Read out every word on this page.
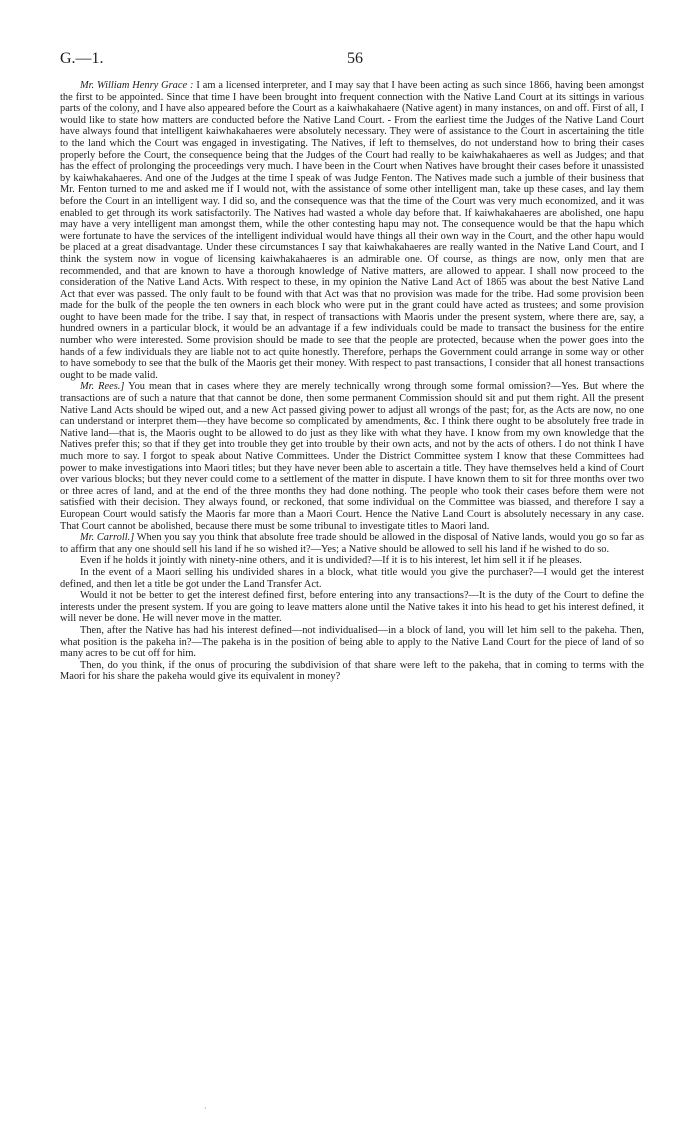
G.—1.	56

Mr. William Henry Grace : I am a licensed interpreter, and I may say that I have been acting as such since 1866, having been amongst the first to be appointed. Since that time I have been brought into frequent connection with the Native Land Court at its sittings in various parts of the colony, and I have also appeared before the Court as a kaiwhakahaere (Native agent) in many instances, on and off. First of all, I would like to state how matters are conducted before the Native Land Court. - From the earliest time the Judges of the Native Land Court have always found that intelligent kaiwhakahaeres were absolutely necessary. They were of assistance to the Court in ascertaining the title to the land which the Court was engaged in investigating. The Natives, if left to themselves, do not understand how to bring their cases properly before the Court, the consequence being that the Judges of the Court had really to be kaiwhakahaeres as well as Judges; and that has the effect of prolonging the proceedings very much. I have been in the Court when Natives have brought their cases before it unassisted by kaiwhakahaeres. And one of the Judges at the time I speak of was Judge Fenton. The Natives made such a jumble of their business that Mr. Fenton turned to me and asked me if I would not, with the assistance of some other intelligent man, take up these cases, and lay them before the Court in an intelligent way. I did so, and the consequence was that the time of the Court was very much economized, and it was enabled to get through its work satisfactorily. The Natives had wasted a whole day before that. If kaiwhakahaeres are abolished, one hapu may have a very intelligent man amongst them, while the other contesting hapu may not. The consequence would be that the hapu which were fortunate to have the services of the intelligent individual would have things all their own way in the Court, and the other hapu would be placed at a great disadvantage. Under these circumstances I say that kaiwhakahaeres are really wanted in the Native Land Court, and I think the system now in vogue of licensing kaiwhakahaeres is an admirable one. Of course, as things are now, only men that are recommended, and that are known to have a thorough knowledge of Native matters, are allowed to appear. I shall now proceed to the consideration of the Native Land Acts. With respect to these, in my opinion the Native Land Act of 1865 was about the best Native Land Act that ever was passed. The only fault to be found with that Act was that no provision was made for the tribe. Had some provision been made for the bulk of the people the ten owners in each block who were put in the grant could have acted as trustees; and some provision ought to have been made for the tribe. I say that, in respect of transactions with Maoris under the present system, where there are, say, a hundred owners in a particular block, it would be an advantage if a few individuals could be made to transact the business for the entire number who were interested. Some provision should be made to see that the people are protected, because when the power goes into the hands of a few individuals they are liable not to act quite honestly. Therefore, perhaps the Government could arrange in some way or other to have somebody to see that the bulk of the Maoris get their money. With respect to past transactions, I consider that all honest transactions ought to be made valid.

Mr. Rees.] You mean that in cases where they are merely technically wrong through some formal omission?—Yes. But where the transactions are of such a nature that that cannot be done, then some permanent Commission should sit and put them right. All the present Native Land Acts should be wiped out, and a new Act passed giving power to adjust all wrongs of the past; for, as the Acts are now, no one can understand or interpret them—they have become so complicated by amendments, &c. I think there ought to be absolutely free trade in Native land—that is, the Maoris ought to be allowed to do just as they like with what they have. I know from my own knowledge that the Natives prefer this; so that if they get into trouble they get into trouble by their own acts, and not by the acts of others. I do not think I have much more to say. I forgot to speak about Native Committees. Under the District Committee system I know that these Committees had power to make investigations into Maori titles; but they have never been able to ascertain a title. They have themselves held a kind of Court over various blocks; but they never could come to a settlement of the matter in dispute. I have known them to sit for three months over two or three acres of land, and at the end of the three months they had done nothing. The people who took their cases before them were not satisfied with their decision. They always found, or reckoned, that some individual on the Committee was biassed, and therefore I say a European Court would satisfy the Maoris far more than a Maori Court. Hence the Native Land Court is absolutely necessary in any case. That Court cannot be abolished, because there must be some tribunal to investigate titles to Maori land.

Mr. Carroll.] When you say you think that absolute free trade should be allowed in the disposal of Native lands, would you go so far as to affirm that any one should sell his land if he so wished it?—Yes; a Native should be allowed to sell his land if he wished to do so.

Even if he holds it jointly with ninety-nine others, and it is undivided?—If it is to his interest, let him sell it if he pleases.

In the event of a Maori selling his undivided shares in a block, what title would you give the purchaser?—I would get the interest defined, and then let a title be got under the Land Transfer Act.

Would it not be better to get the interest defined first, before entering into any transactions?—It is the duty of the Court to define the interests under the present system. If you are going to leave matters alone until the Native takes it into his head to get his interest defined, it will never be done. He will never move in the matter.

Then, after the Native has had his interest defined—not individualised—in a block of land, you will let him sell to the pakeha. Then, what position is the pakeha in?—The pakeha is in the position of being able to apply to the Native Land Court for the piece of land of so many acres to be cut off for him.

Then, do you think, if the onus of procuring the subdivision of that share were left to the pakeha, that in coming to terms with the Maori for his share the pakeha would give its equivalent in money?

·
